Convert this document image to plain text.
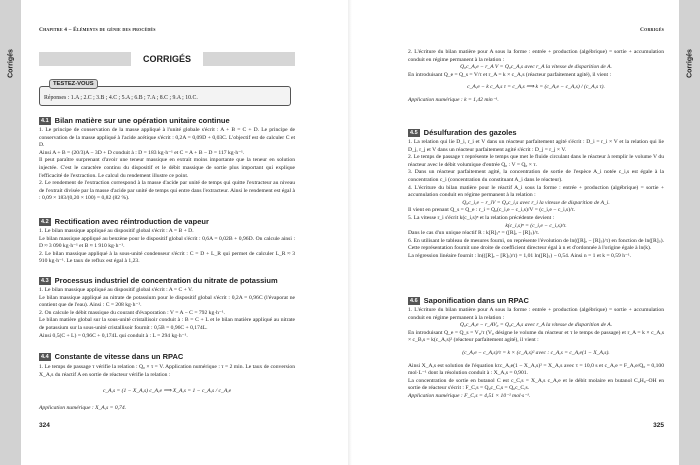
Corrigés	Corrigés
Chapitre 4 – Éléments de génie des procédés
CORRIGÉS

Réponses : 1.A ; 2.C ; 3.B ; 4.C ; 5.A ; 6.B ; 7.A ; 8.C ; 9.A ; 10.C.

TESTEZ-VOUS
4.1 Bilan matière sur une opération unitaire continue

1. Le principe de conservation de la masse appliqué à l'unité globale s'écrit : A + B = C + D. Le principe de conservation de la masse appliqué à l'acide acétique s'écrit : 0,2A = 0,09D + 0,03C. L'objectif est de calculer C et D.

Ainsi A + B = (20/3)A − 3D + D conduit à : D = 183 kg·h⁻¹ et C = A + B − D = 117 kg·h⁻¹.

Il peut paraître surprenant d'avoir une teneur massique en extrait moins importante que la teneur en solution injectée. C'est le caractère continu du dispositif et le débit massique de sortie plus important qui explique l'efficacité de l'extraction. Le calcul du rendement illustre ce point.

2. Le rendement de l'extraction correspond à la masse d'acide par unité de temps qui quitte l'extracteur au niveau de l'extrait divisée par la masse d'acide par unité de temps qui entre dans l'extracteur. Ainsi le rendement est égal à : 0,09 × 183/(0,20 × 100) = 0,82 (82 %).

4.2 Rectification avec réintroduction de vapeur

1. Le bilan massique appliqué au dispositif global s'écrit : A = B + D.

Le bilan massique appliqué au benzène pour le dispositif global s'écrit : 0,6A = 0,02B + 0,96D. On calcule ainsi : D ≈ 3 090 kg·h⁻¹ et B ≈ 1 910 kg·h⁻¹.

2. Le bilan massique appliqué à la sous-unité condenseur s'écrit : C = D + L_R qui permet de calculer L_R ≈ 3 910 kg·h⁻¹. Le taux de reflux est égal à 1,23.

4.3 Processus industriel de concentration du nitrate de potassium

1. Le bilan massique appliqué au dispositif global s'écrit : A = C + V.

Le bilan massique appliqué au nitrate de potassium pour le dispositif global s'écrit : 0,2A = 0,96C (l'évaporat ne contient que de l'eau). Ainsi : C = 208 kg·h⁻¹.

2. On calcule le débit massique du courant d'évaporation : V = A − C = 792 kg·h⁻¹.

Le bilan matière global sur la sous-unité cristallisoir conduit à : B = C + L et le bilan matière appliqué au nitrate de potassium sur la sous-unité cristallisoir fournit : 0,5B = 0,96C + 0,174L.

Ainsi 0,5(C + L) = 0,96C + 0,174L qui conduit à : L = 294 kg·h⁻¹.

4.4 Constante de vitesse dans un RPAC

1. Le temps de passage τ vérifie la relation : Q₀ × τ = V. Application numérique : τ = 2 min. Le taux de conversion X_A,s du réactif A en sortie de réacteur vérifie la relation :

c_A,s = (1 − X_A,s) c_A,e ⟹ X_A,s = 1 − c_A,s / c_A,e

Application numérique : X_A,s = 0,74.

324
Corrigés

2. L'écriture du bilan matière pour A sous la forme : entrée + production (algébrique) = sortie + accumulation conduit en régime permanent à la relation :

Q₀c_A,e − r_A V = Q₀c_A,s avec r_A la vitesse de disparition de A.

En introduisant Q_e = Q_s = V/τ et r_A = k × c_A,s (réacteur parfaitement agité), il vient :

c_A,e − k c_A,s τ = c_A,s ⟹ k = (c_A,e − c_A,s) / (c_A,s τ).

Application numérique : k = 1,42 min⁻¹.

4.5 Désulfuration des gazoles

1. La relation qui lie D_i, r_i et V dans un réacteur parfaitement agité s'écrit : D_i = r_i × V et la relation qui lie D_j, r_j et V dans un réacteur parfaitement agité s'écrit : D_j = r_j × V.

2. Le temps de passage τ représente le temps que met le fluide circulant dans le réacteur à remplir le volume V du réacteur avec le débit volumique d'entrée Q₀ : V = Q₀ × τ.

3. Dans un réacteur parfaitement agité, la concentration de sortie de l'espèce A_i notée c_i,s est égale à la concentration c_i (concentration du constituant A_i dans le réacteur).

4. L'écriture du bilan matière pour le réactif A_i sous la forme : entrée + production (algébrique) = sortie + accumulation conduit en régime permanent à la relation :

Q₀c_i,e − r_iV = Q₀c_i,s avec r_i la vitesse de disparition de A_i.

Il vient en prenant Q_s = Q_e : r_i = Q₀(c_i,e − c_i,s)/V = (c_i,e − c_i,s)/τ.

5. La vitesse r_i s'écrit k(c_i,s)ⁿ et la relation précédente devient :

k(c_i,s)ⁿ = (c_i,e − c_i,s)/τ.

Dans le cas d'un unique réactif R : k[R]ₛⁿ = ([R]ₑ − [R]ₛ)/τ.

6. En utilisant le tableau de mesures fourni, on représente l'évolution de ln(([R]ₑ − [R]ₛ)/τ) en fonction de ln([R]ₛ). Cette représentation fournit une droite de coefficient directeur égal à n et d'ordonnée à l'origine égale à ln(k).

La régression linéaire fournit : ln(([R]ₑ − [R]ₛ)/τ) = 1,01 ln([R]ₛ) − 0,54. Ainsi n = 1 et k = 0,59 h⁻¹.

4.6 Saponification dans un RPAC

1. L'écriture du bilan matière pour A sous la forme : entrée + production (algébrique) = sortie + accumulation conduit en régime permanent à la relation :

Q₀c_A,e − r_AV₀ = Q₀c_A,s avec r_A la vitesse de disparition de A.

En introduisant Q_e = Q_s = V₀/τ (V₀ désigne le volume du réacteur et τ le temps de passage) et r_A = k × c_A,s × c_B,s = k(c_A,s)² (réacteur parfaitement agité), il vient :

(c_A,e − c_A,s)/τ = k × (c_A,s)² avec : c_A,s = c_A,e(1 − X_A,s).

Ainsi X_A,s est solution de l'équation kτc_A,e(1 − X_A,s)² = X_A,s avec τ = 10,0 s et c_A,e = F_A,e/Q₀ = 0,100 mol·L⁻¹ dont la résolution conduit à : X_A,s = 0,901.

La concentration de sortie en butanol C est c_C,s = X_A,s c_A,e et le débit molaire en butanol C₄H₉–OH en sortie de réacteur s'écrit : F_C,s = Q₀c_C,s = Q₀c_C,s.

Application numérique : F_C,s = 4,51 × 10⁻² mol·s⁻¹.

325
